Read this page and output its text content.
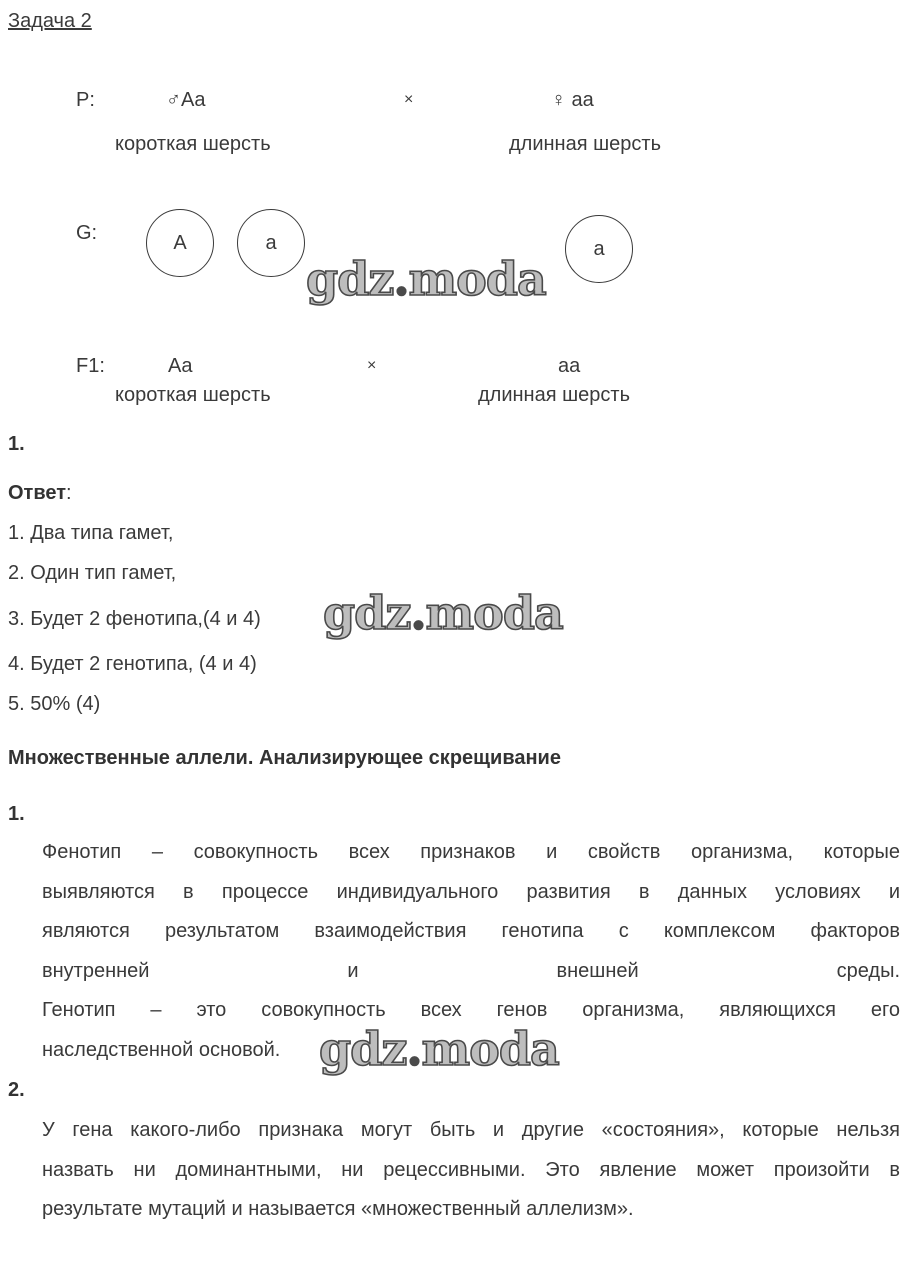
Задача 2
P:	♂Aa	×	♀ аа
короткая шерсть	длинная шерсть
G:	A	a	a
gdz.moda
F1:	Aa	×	aa
короткая шерсть	длинная шерсть
1.
Ответ:
1. Два типа гамет,
2. Один тип гамет,
3. Будет 2 фенотипа,(4 и 4) gdz.moda
4. Будет 2 генотипа, (4 и 4)
5. 50% (4)
Множественные аллели. Анализирующее скрещивание
1.
Фенотип – совокупность всех признаков и свойств организма, которые
выявляются в процессе индивидуального развития в данных условиях и
являются результатом взаимодействия генотипа с комплексом факторов
внутренней и внешней среды.
Генотип – это совокупность всех генов организма, являющихся его
наследственной основой. gdz.moda
2.
У гена какого-либо признака могут быть и другие «состояния», которые нельзя
назвать ни доминантными, ни рецессивными. Это явление может произойти в
результате мутаций и называется «множественный аллелизм».
